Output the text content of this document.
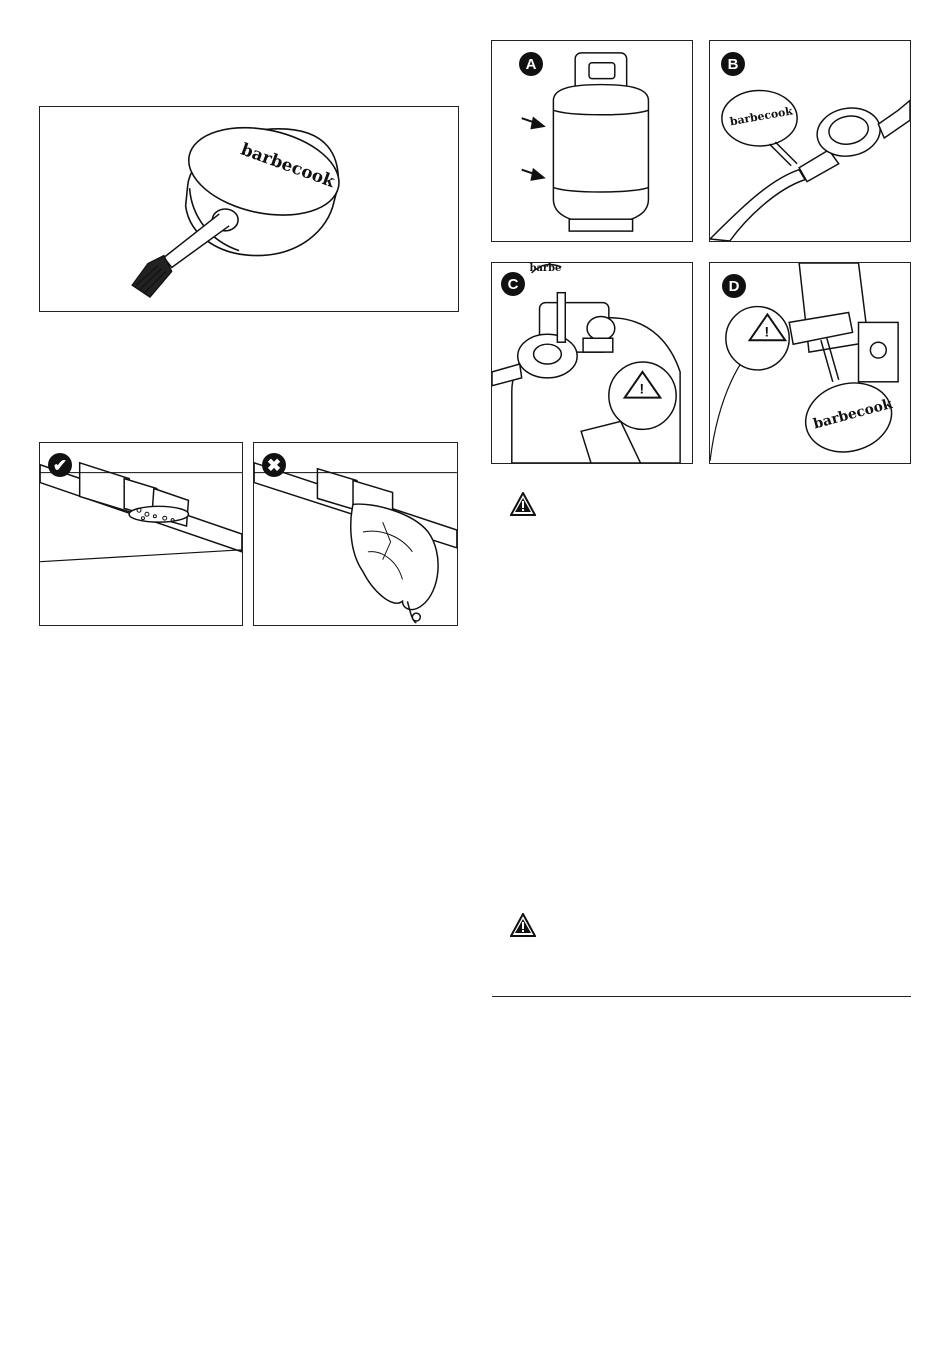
barbecook
✔	✖
A
barbecook
B
barbe
!
C
barbecook
!
D
